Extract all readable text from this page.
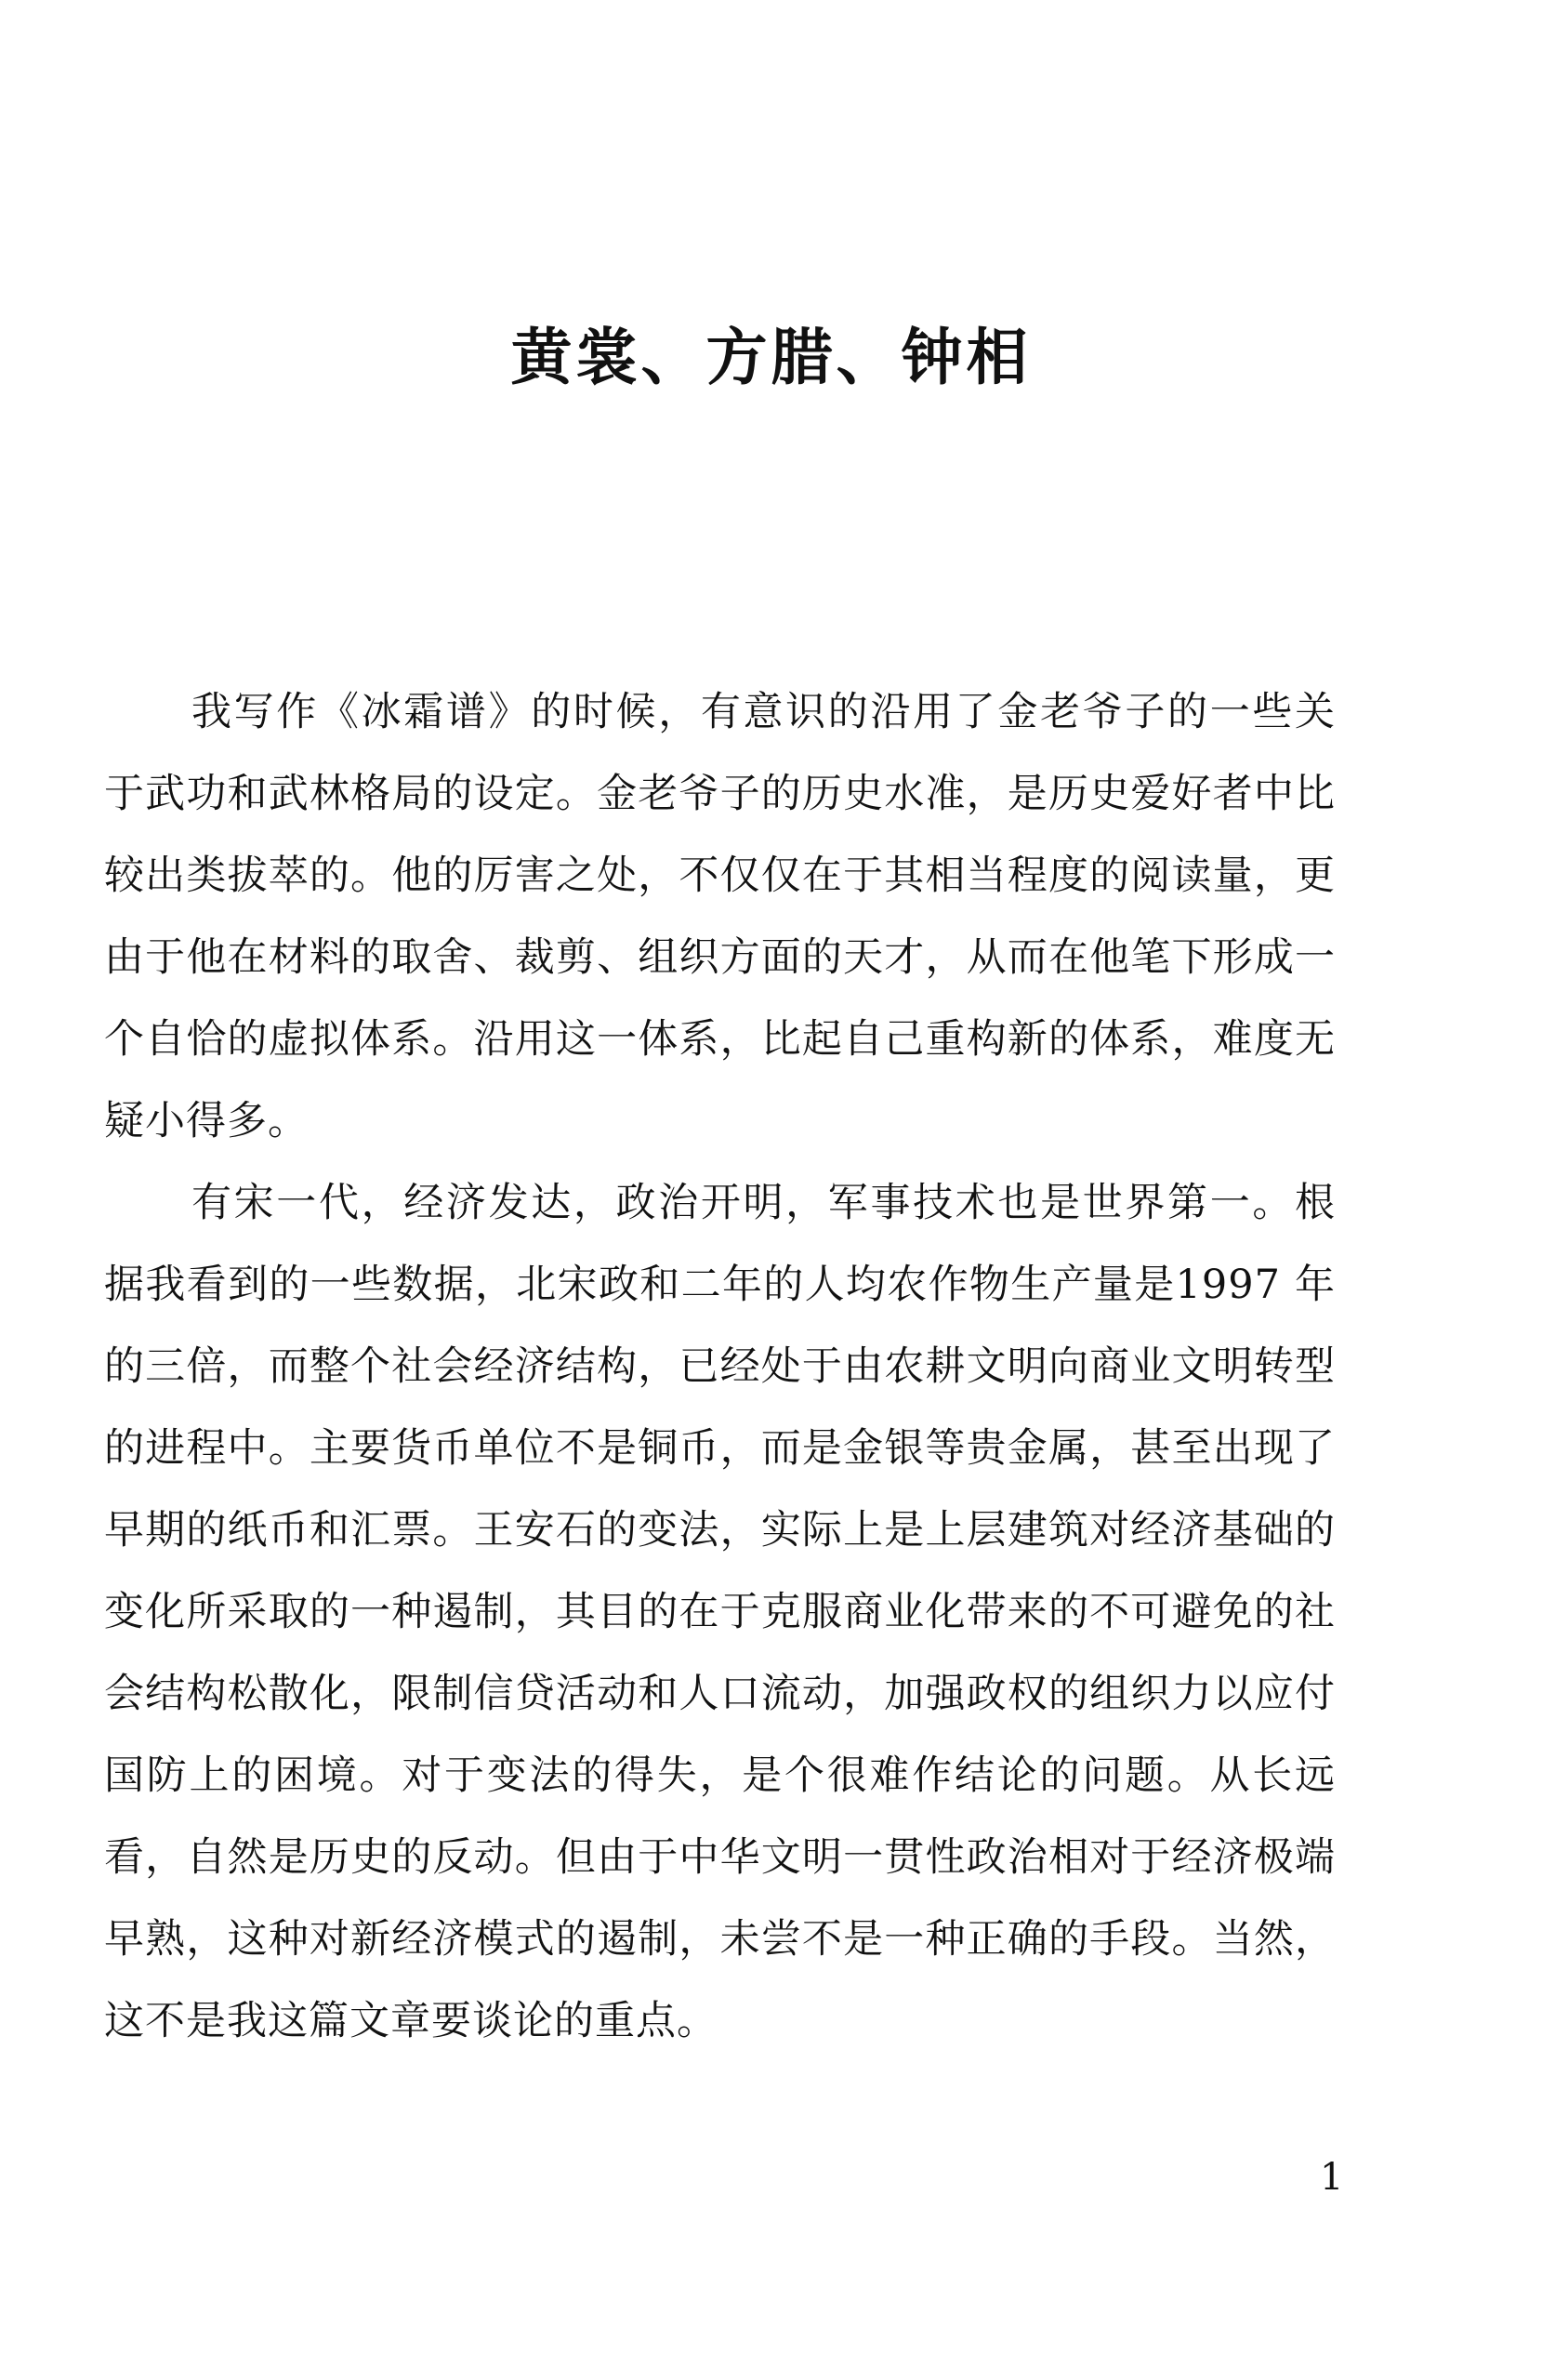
黄裳、方腊、钟相

我写作《冰霜谱》的时候，有意识的沿用了金老爷子的一些关于武功和武林格局的设定。金老爷子的历史水准，是历史爱好者中比较出类拔萃的。他的厉害之处，不仅仅在于其相当程度的阅读量，更由于他在材料的取舍、裁剪、组织方面的天才，从而在他笔下形成一个自恰的虚拟体系。沿用这一体系，比起自己重构新的体系，难度无疑小得多。

有宋一代，经济发达，政治开明，军事技术也是世界第一。根据我看到的一些数据，北宋政和二年的人均农作物生产量是1997 年的三倍，而整个社会经济结构，已经处于由农耕文明向商业文明转型的进程中。主要货币单位不是铜币，而是金银等贵金属，甚至出现了早期的纸币和汇票。王安石的变法，实际上是上层建筑对经济基础的变化所采取的一种遏制，其目的在于克服商业化带来的不可避免的社会结构松散化，限制信贷活动和人口流动，加强政权的组织力以应付国防上的困境。对于变法的得失，是个很难作结论的问题。从长远看，自然是历史的反动。但由于中华文明一贯性政治相对于经济极端早熟，这种对新经济模式的遏制，未尝不是一种正确的手段。当然，这不是我这篇文章要谈论的重点。

1
